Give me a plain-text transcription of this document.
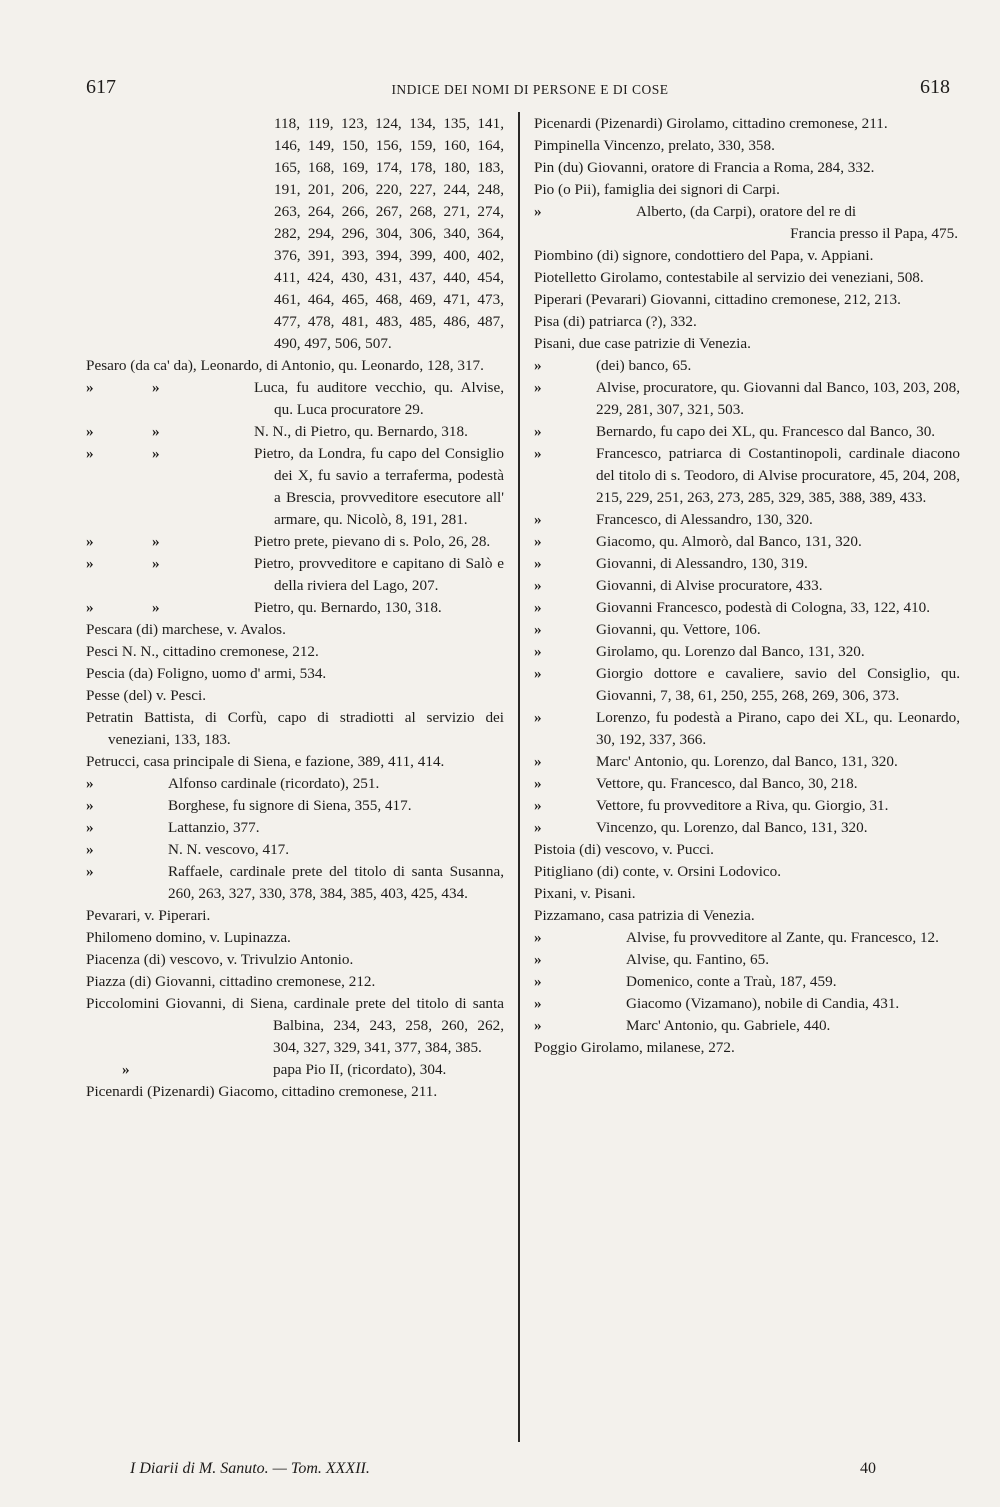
617	INDICE DEI NOMI DI PERSONE E DI COSE	618
118, 119, 123, 124, 134, 135, 141, 146, 149, 150, 156, 159, 160, 164, 165, 168, 169, 174, 178, 180, 183, 191, 201, 206, 220, 227, 244, 248, 263, 264, 266, 267, 268, 271, 274, 282, 294, 296, 304, 306, 340, 364, 376, 391, 393, 394, 399, 400, 402, 411, 424, 430, 431, 437, 440, 454, 461, 464, 465, 468, 469, 471, 473, 477, 478, 481, 483, 485, 486, 487, 490, 497, 506, 507.
Pesaro (da ca' da), Leonardo, di Antonio, qu. Leonardo, 128, 317.
»	»	Luca, fu auditore vecchio, qu. Alvise, qu. Luca procuratore 29.
»	»	N. N., di Pietro, qu. Bernardo, 318.
»	»	Pietro, da Londra, fu capo del Consiglio dei X, fu savio a terraferma, podestà a Brescia, provveditore esecutore all' armare, qu. Nicolò, 8, 191, 281.
»	»	Pietro prete, pievano di s. Polo, 26, 28.
»	»	Pietro, provveditore e capitano di Salò e della riviera del Lago, 207.
»	»	Pietro, qu. Bernardo, 130, 318.
Pescara (di) marchese, v. Avalos.
Pesci N. N., cittadino cremonese, 212.
Pescia (da) Foligno, uomo d' armi, 534.
Pesse (del) v. Pesci.
Petratin Battista, di Corfù, capo di stradiotti al servizio dei veneziani, 133, 183.
Petrucci, casa principale di Siena, e fazione, 389, 411, 414.
»	Alfonso cardinale (ricordato), 251.
»	Borghese, fu signore di Siena, 355, 417.
»	Lattanzio, 377.
»	N. N. vescovo, 417.
»	Raffaele, cardinale prete del titolo di santa Susanna, 260, 263, 327, 330, 378, 384, 385, 403, 425, 434.
Pevarari, v. Piperari.
Philomeno domino, v. Lupinazza.
Piacenza (di) vescovo, v. Trivulzio Antonio.
Piazza (di) Giovanni, cittadino cremonese, 212.
Piccolomini Giovanni, di Siena, cardinale prete del titolo di santa Balbina, 234, 243, 258, 260, 262, 304, 327, 329, 341, 377, 384, 385.
»	papa Pio II, (ricordato), 304.
Picenardi (Pizenardi) Giacomo, cittadino cremonese, 211.
Picenardi (Pizenardi) Girolamo, cittadino cremonese, 211.
Pimpinella Vincenzo, prelato, 330, 358.
Pin (du) Giovanni, oratore di Francia a Roma, 284, 332.
Pio (o Pii), famiglia dei signori di Carpi.
»	Alberto, (da Carpi), oratore del re di
Francia presso il Papa, 475.
Piombino (di) signore, condottiero del Papa, v. Appiani.
Piotelletto Girolamo, contestabile al servizio dei veneziani, 508.
Piperari (Pevarari) Giovanni, cittadino cremonese, 212, 213.
Pisa (di) patriarca (?), 332.
Pisani, due case patrizie di Venezia.
»	(dei) banco, 65.
»	Alvise, procuratore, qu. Giovanni dal Banco, 103, 203, 208, 229, 281, 307, 321, 503.
»	Bernardo, fu capo dei XL, qu. Francesco dal Banco, 30.
»	Francesco, patriarca di Costantinopoli, cardinale diacono del titolo di s. Teodoro, di Alvise procuratore, 45, 204, 208, 215, 229, 251, 263, 273, 285, 329, 385, 388, 389, 433.
»	Francesco, di Alessandro, 130, 320.
»	Giacomo, qu. Almorò, dal Banco, 131, 320.
»	Giovanni, di Alessandro, 130, 319.
»	Giovanni, di Alvise procuratore, 433.
»	Giovanni Francesco, podestà di Cologna, 33, 122, 410.
»	Giovanni, qu. Vettore, 106.
»	Girolamo, qu. Lorenzo dal Banco, 131, 320.
»	Giorgio dottore e cavaliere, savio del Consiglio, qu. Giovanni, 7, 38, 61, 250, 255, 268, 269, 306, 373.
»	Lorenzo, fu podestà a Pirano, capo dei XL, qu. Leonardo, 30, 192, 337, 366.
»	Marc' Antonio, qu. Lorenzo, dal Banco, 131, 320.
»	Vettore, qu. Francesco, dal Banco, 30, 218.
»	Vettore, fu provveditore a Riva, qu. Giorgio, 31.
»	Vincenzo, qu. Lorenzo, dal Banco, 131, 320.
Pistoia (di) vescovo, v. Pucci.
Pitigliano (di) conte, v. Orsini Lodovico.
Pixani, v. Pisani.
Pizzamano, casa patrizia di Venezia.
»	Alvise, fu provveditore al Zante, qu. Francesco, 12.
»	Alvise, qu. Fantino, 65.
»	Domenico, conte a Traù, 187, 459.
»	Giacomo (Vizamano), nobile di Candia, 431.
»	Marc' Antonio, qu. Gabriele, 440.
Poggio Girolamo, milanese, 272.
I Diarii di M. Sanuto. — Tom. XXXII.	40
